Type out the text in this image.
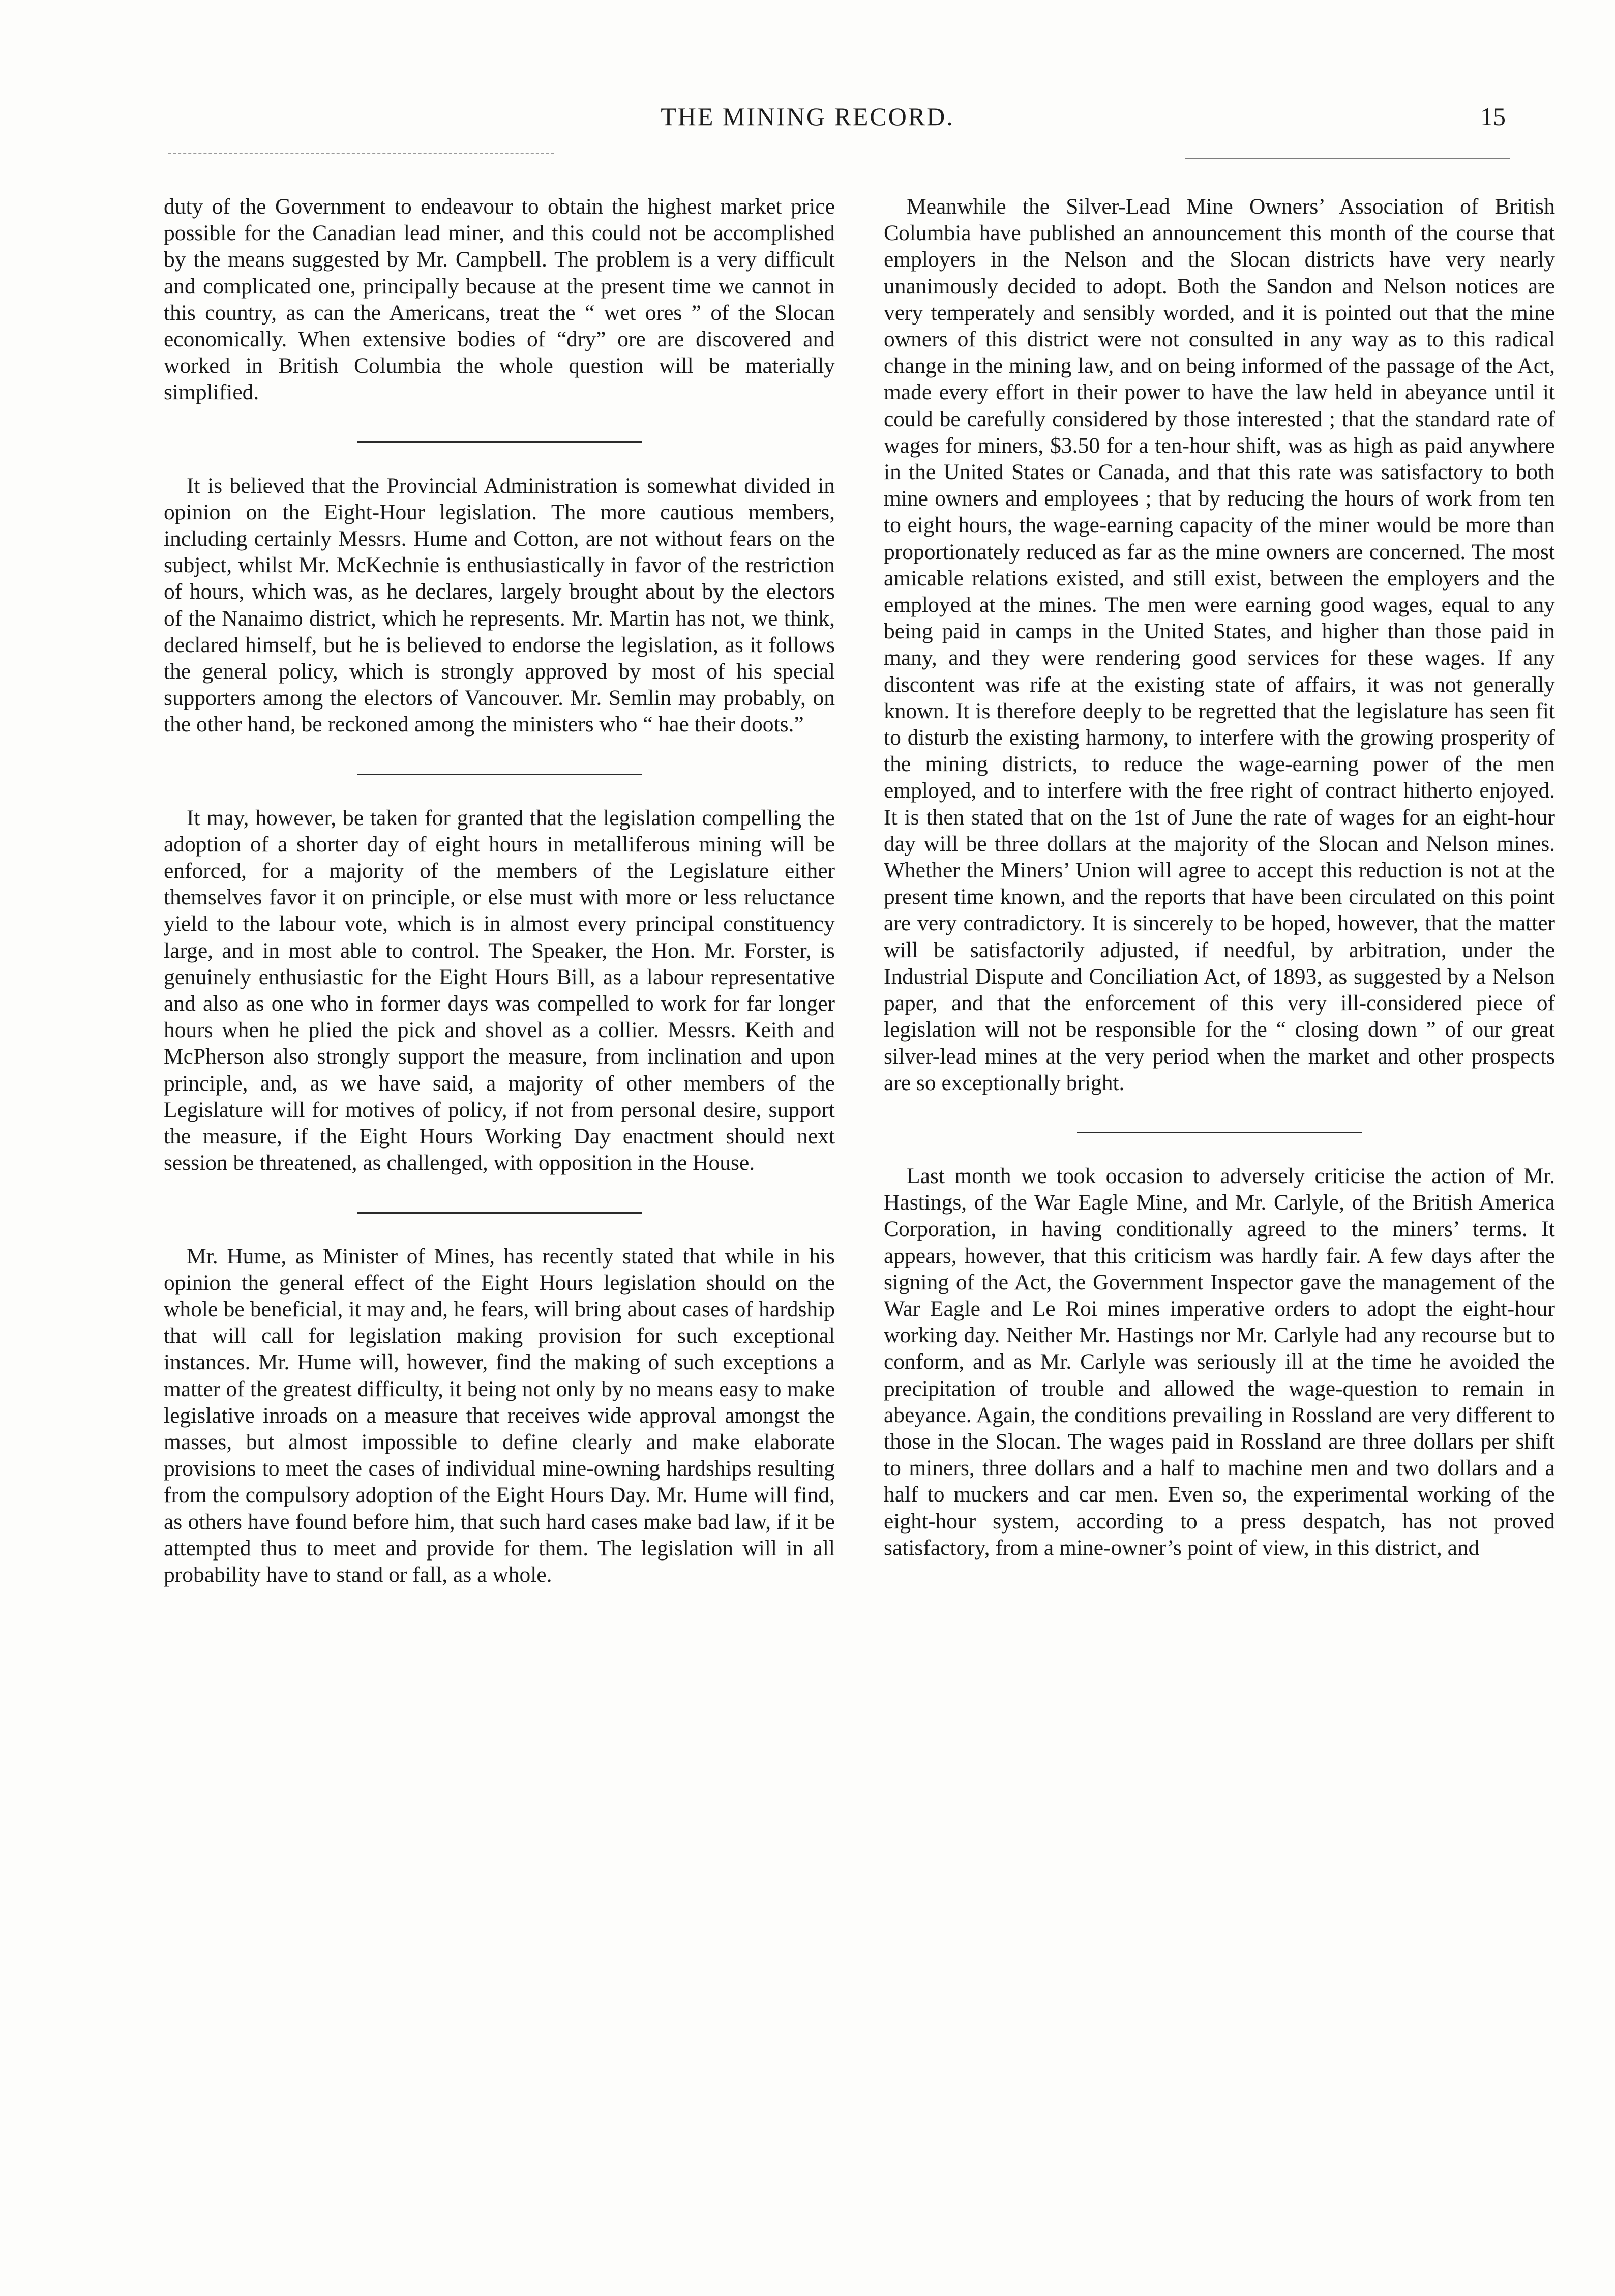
THE MINING RECORD.	15

duty of the Government to endeavour to obtain the highest market price possible for the Canadian lead miner, and this could not be accomplished by the means suggested by Mr. Campbell. The problem is a very difficult and complicated one, principally because at the present time we cannot in this country, as can the Americans, treat the “ wet ores ” of the Slocan economically. When extensive bodies of “dry” ore are discovered and worked in British Columbia the whole question will be materially simplified.

It is believed that the Provincial Administration is somewhat divided in opinion on the Eight-Hour legislation. The more cautious members, including certainly Messrs. Hume and Cotton, are not without fears on the subject, whilst Mr. McKechnie is enthusiastically in favor of the restriction of hours, which was, as he declares, largely brought about by the electors of the Nanaimo district, which he represents. Mr. Martin has not, we think, declared himself, but he is believed to endorse the legislation, as it follows the general policy, which is strongly approved by most of his special supporters among the electors of Vancouver. Mr. Semlin may probably, on the other hand, be reckoned among the ministers who “ hae their doots.”

It may, however, be taken for granted that the legislation compelling the adoption of a shorter day of eight hours in metalliferous mining will be enforced, for a majority of the members of the Legislature either themselves favor it on principle, or else must with more or less reluctance yield to the labour vote, which is in almost every principal constituency large, and in most able to control. The Speaker, the Hon. Mr. Forster, is genuinely enthusiastic for the Eight Hours Bill, as a labour representative and also as one who in former days was compelled to work for far longer hours when he plied the pick and shovel as a collier. Messrs. Keith and McPherson also strongly support the measure, from inclination and upon principle, and, as we have said, a majority of other members of the Legislature will for motives of policy, if not from personal desire, support the measure, if the Eight Hours Working Day enactment should next session be threatened, as challenged, with opposition in the House.

Mr. Hume, as Minister of Mines, has recently stated that while in his opinion the general effect of the Eight Hours legislation should on the whole be beneficial, it may and, he fears, will bring about cases of hardship that will call for legislation making provision for such exceptional instances. Mr. Hume will, however, find the making of such exceptions a matter of the greatest difficulty, it being not only by no means easy to make legislative inroads on a measure that receives wide approval amongst the masses, but almost impossible to define clearly and make elaborate provisions to meet the cases of individual mine-owning hardships resulting from the compulsory adoption of the Eight Hours Day. Mr. Hume will find, as others have found before him, that such hard cases make bad law, if it be attempted thus to meet and provide for them. The legislation will in all probability have to stand or fall, as a whole.

Meanwhile the Silver-Lead Mine Owners’ Association of British Columbia have published an announcement this month of the course that employers in the Nelson and the Slocan districts have very nearly unanimously decided to adopt. Both the Sandon and Nelson notices are very temperately and sensibly worded, and it is pointed out that the mine owners of this district were not consulted in any way as to this radical change in the mining law, and on being informed of the passage of the Act, made every effort in their power to have the law held in abeyance until it could be carefully considered by those interested ; that the standard rate of wages for miners, $3.50 for a ten-hour shift, was as high as paid anywhere in the United States or Canada, and that this rate was satisfactory to both mine owners and employees ; that by reducing the hours of work from ten to eight hours, the wage-earning capacity of the miner would be more than proportionately reduced as far as the mine owners are concerned. The most amicable relations existed, and still exist, between the employers and the employed at the mines. The men were earning good wages, equal to any being paid in camps in the United States, and higher than those paid in many, and they were rendering good services for these wages. If any discontent was rife at the existing state of affairs, it was not generally known. It is therefore deeply to be regretted that the legislature has seen fit to disturb the existing harmony, to interfere with the growing prosperity of the mining districts, to reduce the wage-earning power of the men employed, and to interfere with the free right of contract hitherto enjoyed. It is then stated that on the 1st of June the rate of wages for an eight-hour day will be three dollars at the majority of the Slocan and Nelson mines. Whether the Miners’ Union will agree to accept this reduction is not at the present time known, and the reports that have been circulated on this point are very contradictory. It is sincerely to be hoped, however, that the matter will be satisfactorily adjusted, if needful, by arbitration, under the Industrial Dispute and Conciliation Act, of 1893, as suggested by a Nelson paper, and that the enforcement of this very ill-considered piece of legislation will not be responsible for the “ closing down ” of our great silver-lead mines at the very period when the market and other prospects are so exceptionally bright.

Last month we took occasion to adversely criticise the action of Mr. Hastings, of the War Eagle Mine, and Mr. Carlyle, of the British America Corporation, in having conditionally agreed to the miners’ terms. It appears, however, that this criticism was hardly fair. A few days after the signing of the Act, the Government Inspector gave the management of the War Eagle and Le Roi mines imperative orders to adopt the eight-hour working day. Neither Mr. Hastings nor Mr. Carlyle had any recourse but to conform, and as Mr. Carlyle was seriously ill at the time he avoided the precipitation of trouble and allowed the wage-question to remain in abeyance. Again, the conditions prevailing in Rossland are very different to those in the Slocan. The wages paid in Rossland are three dollars per shift to miners, three dollars and a half to machine men and two dollars and a half to muckers and car men. Even so, the experimental working of the eight-hour system, according to a press despatch, has not proved satisfactory, from a mine-owner’s point of view, in this district, and
